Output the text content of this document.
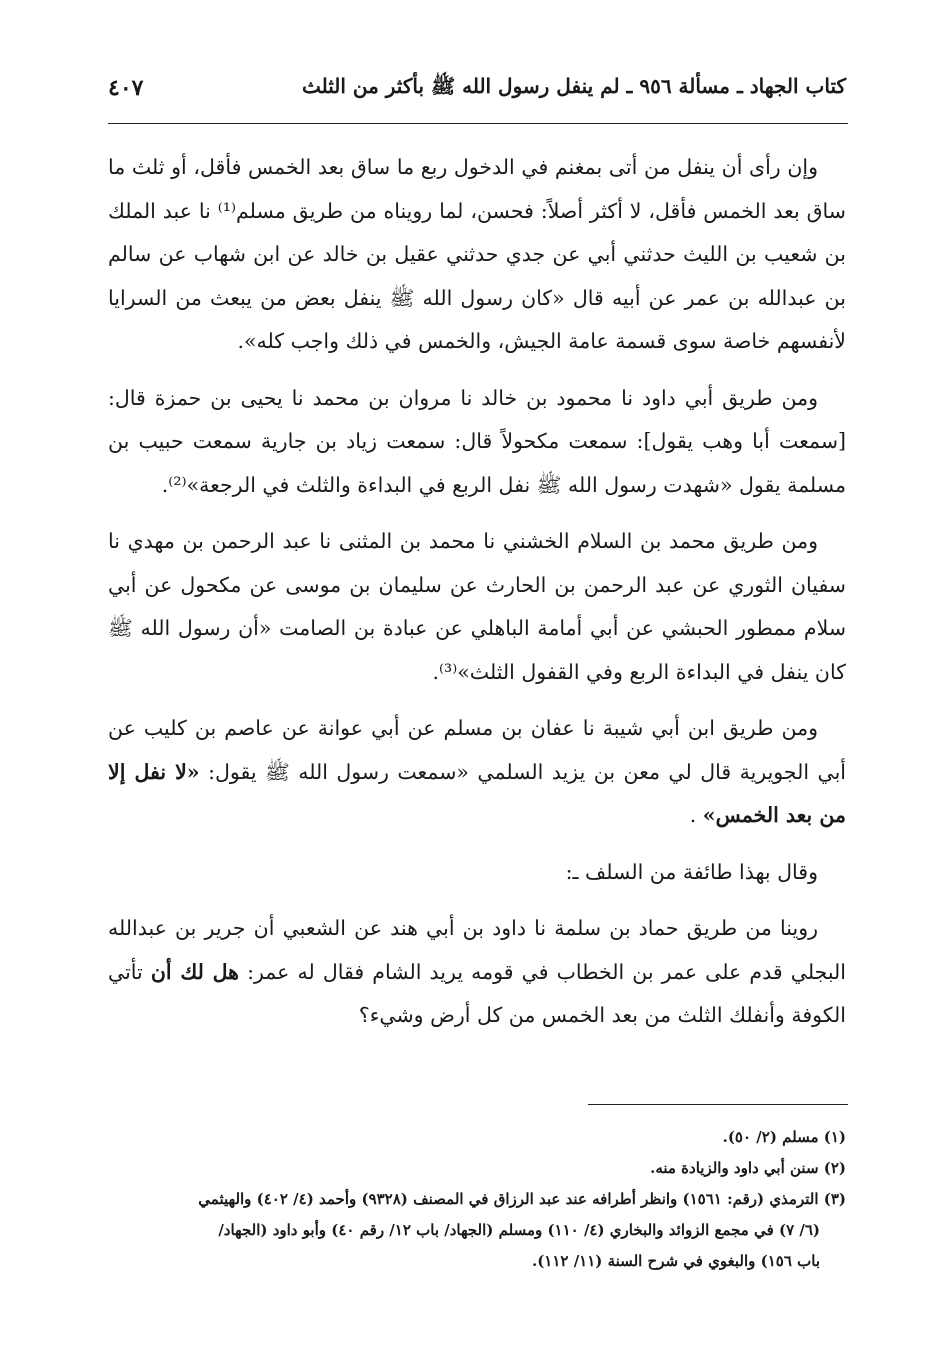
كتاب الجهاد ـ مسألة ٩٥٦ ـ لم ينفل رسول الله ﷺ بأكثر من الثلث
٤٠٧

وإن رأى أن ينفل من أتى بمغنم في الدخول ربع ما ساق بعد الخمس فأقل، أو ثلث ما ساق بعد الخمس فأقل، لا أكثر أصلاً: فحسن، لما رويناه من طريق مسلم⁽¹⁾ نا عبد الملك بن شعيب بن الليث حدثني أبي عن جدي حدثني عقيل بن خالد عن ابن شهاب عن سالم بن عبدالله بن عمر عن أبيه قال «كان رسول الله ﷺ ينفل بعض من يبعث من السرايا لأنفسهم خاصة سوى قسمة عامة الجيش، والخمس في ذلك واجب كله».

ومن طريق أبي داود نا محمود بن خالد نا مروان بن محمد نا يحيى بن حمزة قال: [سمعت أبا وهب يقول]: سمعت مكحولاً قال: سمعت زياد بن جارية سمعت حبيب بن مسلمة يقول «شهدت رسول الله ﷺ نفل الربع في البداءة والثلث في الرجعة»⁽²⁾.

ومن طريق محمد بن السلام الخشني نا محمد بن المثنى نا عبد الرحمن بن مهدي نا سفيان الثوري عن عبد الرحمن بن الحارث عن سليمان بن موسى عن مكحول عن أبي سلام ممطور الحبشي عن أبي أمامة الباهلي عن عبادة بن الصامت «أن رسول الله ﷺ كان ينفل في البداءة الربع وفي القفول الثلث»⁽³⁾.

ومن طريق ابن أبي شيبة نا عفان بن مسلم عن أبي عوانة عن عاصم بن كليب عن أبي الجويرية قال لي معن بن يزيد السلمي «سمعت رسول الله ﷺ يقول: «لا نفل إلا من بعد الخمس» .

وقال بهذا طائفة من السلف ـ:

روينا من طريق حماد بن سلمة نا داود بن أبي هند عن الشعبي أن جرير بن عبدالله البجلي قدم على عمر بن الخطاب في قومه يريد الشام فقال له عمر: هل لك أن تأتي الكوفة وأنفلك الثلث من بعد الخمس من كل أرض وشيء؟

(١) مسلم (٢/ ٥٠).

(٢) سنن أبي داود والزيادة منه.

(٣) الترمذي (رقم: ١٥٦١) وانظر أطرافه عند عبد الرزاق في المصنف (٩٣٢٨) وأحمد (٤/ ٤٠٢) والهيثمي

(٦/ ٧) في مجمع الزوائد والبخاري (٤/ ١١٠) ومسلم (الجهاد/ باب ١٢/ رقم ٤٠) وأبو داود (الجهاد/

باب ١٥٦) والبغوي في شرح السنة (١١/ ١١٢).
